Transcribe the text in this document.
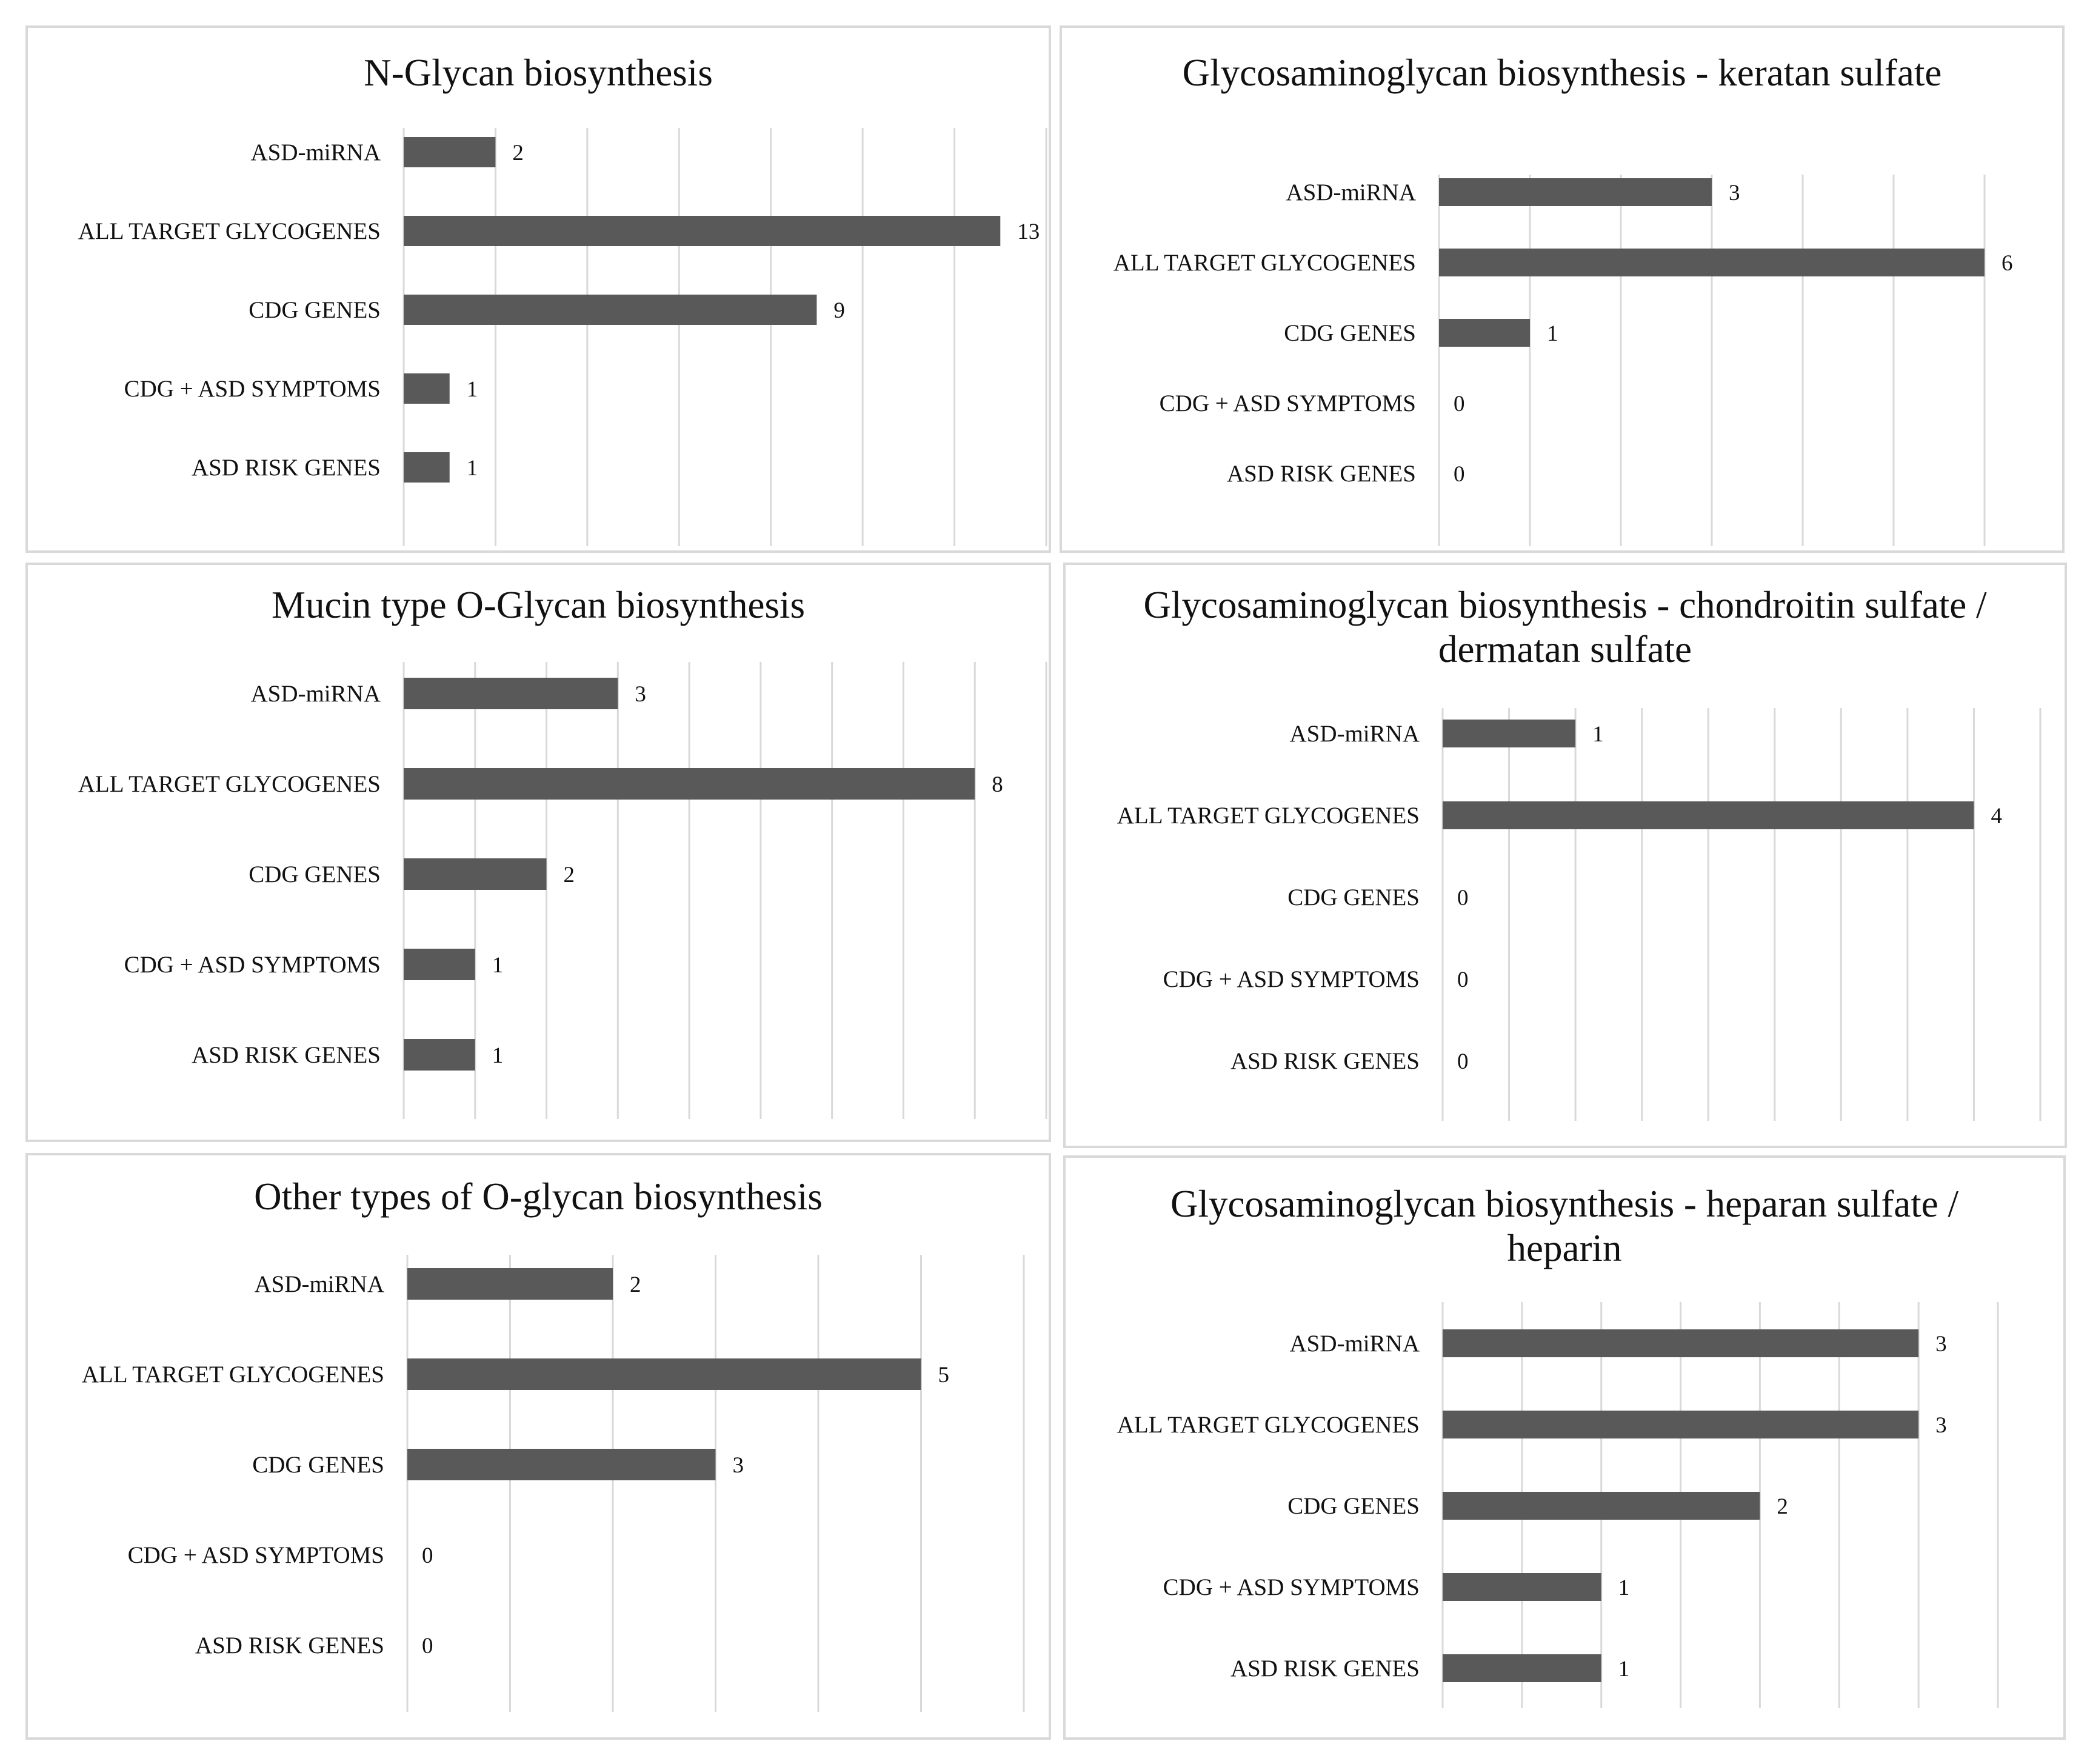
N-Glycan biosynthesis
ASD-miRNA	2
ALL TARGET GLYCOGENES	13
CDG GENES	9
CDG + ASD SYMPTOMS	1
ASD RISK GENES	1
Glycosaminoglycan biosynthesis - keratan sulfate
ASD-miRNA	3
ALL TARGET GLYCOGENES	6
CDG GENES	1
CDG + ASD SYMPTOMS 0
ASD RISK GENES 0
Mucin type O-Glycan biosynthesis
ASD-miRNA	3
ALL TARGET GLYCOGENES	8
CDG GENES	2
CDG + ASD SYMPTOMS	1
ASD RISK GENES	1
Glycosaminoglycan biosynthesis - chondroitin sulfate / dermatan sulfate
ASD-miRNA	1
ALL TARGET GLYCOGENES	4
CDG GENES 0
CDG + ASD SYMPTOMS 0
ASD RISK GENES 0
Other types of O-glycan biosynthesis
ASD-miRNA	2
ALL TARGET GLYCOGENES	5
CDG GENES	3
CDG + ASD SYMPTOMS 0
ASD RISK GENES 0
Glycosaminoglycan biosynthesis - heparan sulfate / heparin
ASD-miRNA	3
ALL TARGET GLYCOGENES	3
CDG GENES	2
CDG + ASD SYMPTOMS	1
ASD RISK GENES	1
